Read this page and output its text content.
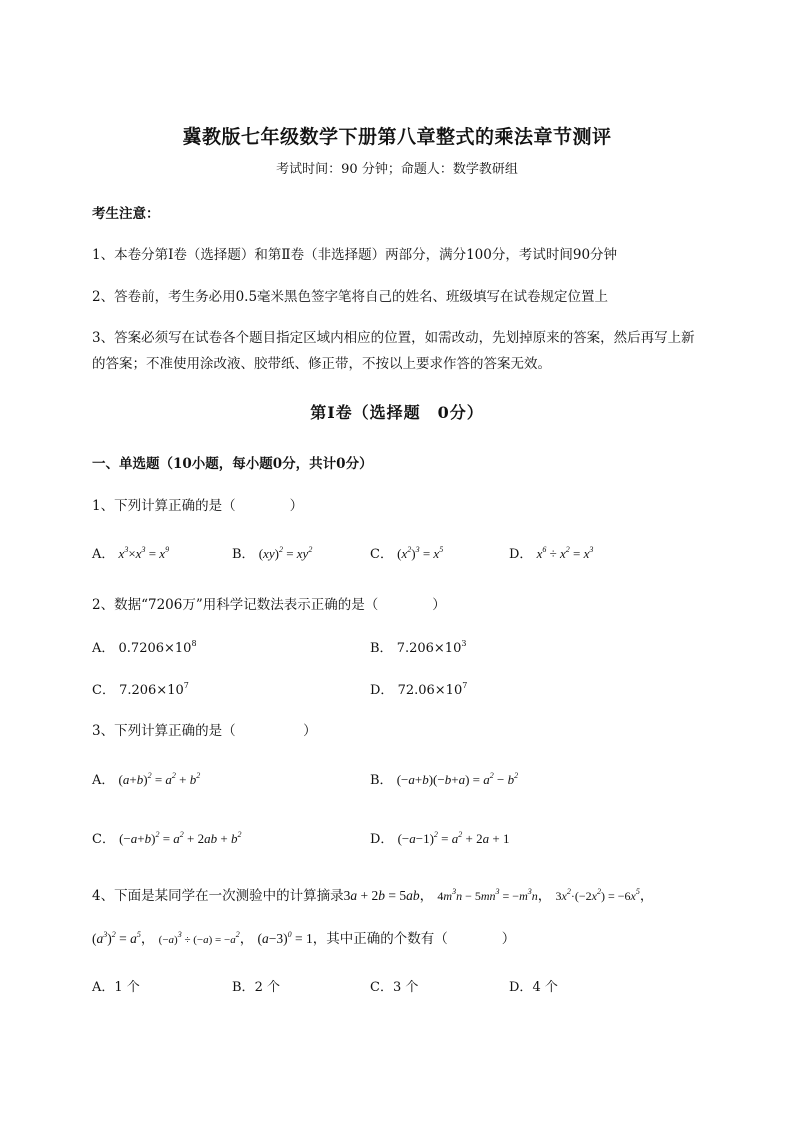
冀教版七年级数学下册第八章整式的乘法章节测评
考试时间：90 分钟；命题人：数学教研组
考生注意：
1、本卷分第I卷（选择题）和第Ⅱ卷（非选择题）两部分，满分100分，考试时间90分钟
2、答卷前，考生务必用0.5毫米黑色签字笔将自己的姓名、班级填写在试卷规定位置上
3、答案必须写在试卷各个题目指定区域内相应的位置，如需改动，先划掉原来的答案，然后再写上新
的答案；不准使用涂改液、胶带纸、修正带，不按以上要求作答的答案无效。
第I卷（选择题　0分）
一、单选题（10小题，每小题0分，共计0分）
1、下列计算正确的是（　　　　）
A． $x^3\times x^3 = x^9$	B． $(xy)^2 = xy^2$	C． $(x^2)^3 = x^5$	D． $x^6 \div x^2 = x^3$
2、数据“7206万”用科学记数法表示正确的是（　　　　）
A． $0.7206\times 10^8$	B． $7.206\times 10^3$
C． $7.206\times 10^7$	D． $72.06\times 10^7$
3、下列计算正确的是（　　　　　）
A． $(a+b)^2 = a^2 + b^2$	B． $(-a+b)(-b+a) = a^2 - b^2$
C． $(-a+b)^2 = a^2 + 2ab + b^2$	D． $(-a-1)^2 = a^2 + 2a + 1$
4、下面是某同学在一次测验中的计算摘录3a + 2b = 5ab， $4m^3n - 5mn^3 = -m^3n$， $3x^2\cdot(-2x^2) = -6x^5$，
$(a^3)^2 = a^5$， $(-a)^3 \div (-a) = -a^2$， $(a-3)^0 = 1$，其中正确的个数有（　　　　）
A．1 个	B．2 个	C．3 个	D．4 个
